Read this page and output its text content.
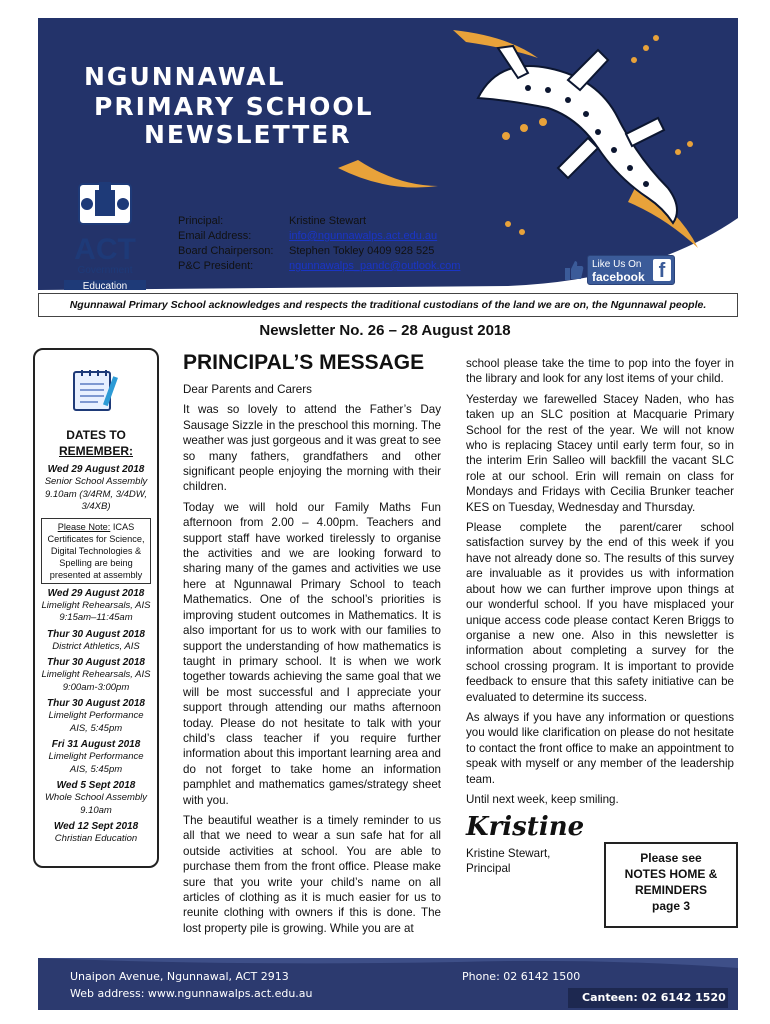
NGUNNAWAL
PRIMARY SCHOOL
NEWSLETTER
ACT
Government
Education
Principal:	Kristine Stewart
Email Address:	info@ngunnawalps.act.edu.au
Board Chairperson:	Stephen Tokley 0409 928 525
P&C President:	ngunnawalps_pandc@outlook.com	Like Us On
facebook f
Ngunnawal Primary School acknowledges and respects the traditional custodians of the land we are on, the Ngunnawal people.
Newsletter No. 26 – 28 August 2018
DATES TO
REMEMBER:
Wed 29 August 2018
Senior School Assembly 9.10am (3/4RM, 3/4DW, 3/4XB)
Please Note: ICAS Certificates for Science, Digital Technologies & Spelling are being presented at assembly
Wed 29 August 2018
Limelight Rehearsals, AIS 9:15am–11:45am
Thur 30 August 2018
District Athletics, AIS
Thur 30 August 2018
Limelight Rehearsals, AIS 9:00am-3:00pm
Thur 30 August 2018
Limelight Performance AIS, 5:45pm
Fri 31 August 2018
Limelight Performance AIS, 5:45pm
Wed 5 Sept 2018
Whole School Assembly 9.10am
Wed 12 Sept 2018
Christian Education
PRINCIPAL’S MESSAGE
Dear Parents and Carers

It was so lovely to attend the Father’s Day Sausage Sizzle in the preschool this morning. The weather was just gorgeous and it was great to see so many fathers, grandfathers and other significant people enjoying the morning with their children.

Today we will hold our Family Maths Fun afternoon from 2.00 – 4.00pm. Teachers and support staff have worked tirelessly to organise the activities and we are looking forward to sharing many of the games and activities we use here at Ngunnawal Primary School to teach Mathematics. One of the school’s priorities is improving student outcomes in Mathematics. It is also important for us to work with our families to support the understanding of how mathematics is taught in primary school. It is when we work together towards achieving the same goal that we will be most successful and I appreciate your support through attending our maths afternoon today. Please do not hesitate to talk with your child’s class teacher if you require further information about this important learning area and do not forget to take home an information pamphlet and mathematics games/strategy sheet with you.

The beautiful weather is a timely reminder to us all that we need to wear a sun safe hat for all outside activities at school. You are able to purchase them from the front office. Please make sure that you write your child’s name on all articles of clothing as it is much easier for us to reunite clothing with owners if this is done. The lost property pile is growing. While you are at

school please take the time to pop into the foyer in the library and look for any lost items of your child.

Yesterday we farewelled Stacey Naden, who has taken up an SLC position at Macquarie Primary School for the rest of the year. We will not know who is replacing Stacey until early term four, so in the interim Erin Salleo will backfill the vacant SLC role at our school. Erin will remain on class for Mondays and Fridays with Cecilia Brunker teacher KES on Tuesday, Wednesday and Thursday.

Please complete the parent/carer school satisfaction survey by the end of this week if you have not already done so. The results of this survey are invaluable as it provides us with information about how we can further improve upon things at our wonderful school. If you have misplaced your unique access code please contact Keren Briggs to organise a new one. Also in this newsletter is information about completing a survey for the school crossing program. It is important to provide feedback to ensure that this safety initiative can be evaluated to determine its success.

As always if you have any information or questions you would like clarification on please do not hesitate to contact the front office to make an appointment to speak with myself or any member of the leadership team.

Until next week, keep smiling.

Kristine
Kristine Stewart,
Principal
Please see
NOTES HOME &
REMINDERS
page 3
Unaipon Avenue, Ngunnawal, ACT 2913
Web address: www.ngunnawalps.act.edu.au
Phone: 02 6142 1500
Canteen: 02 6142 1520
